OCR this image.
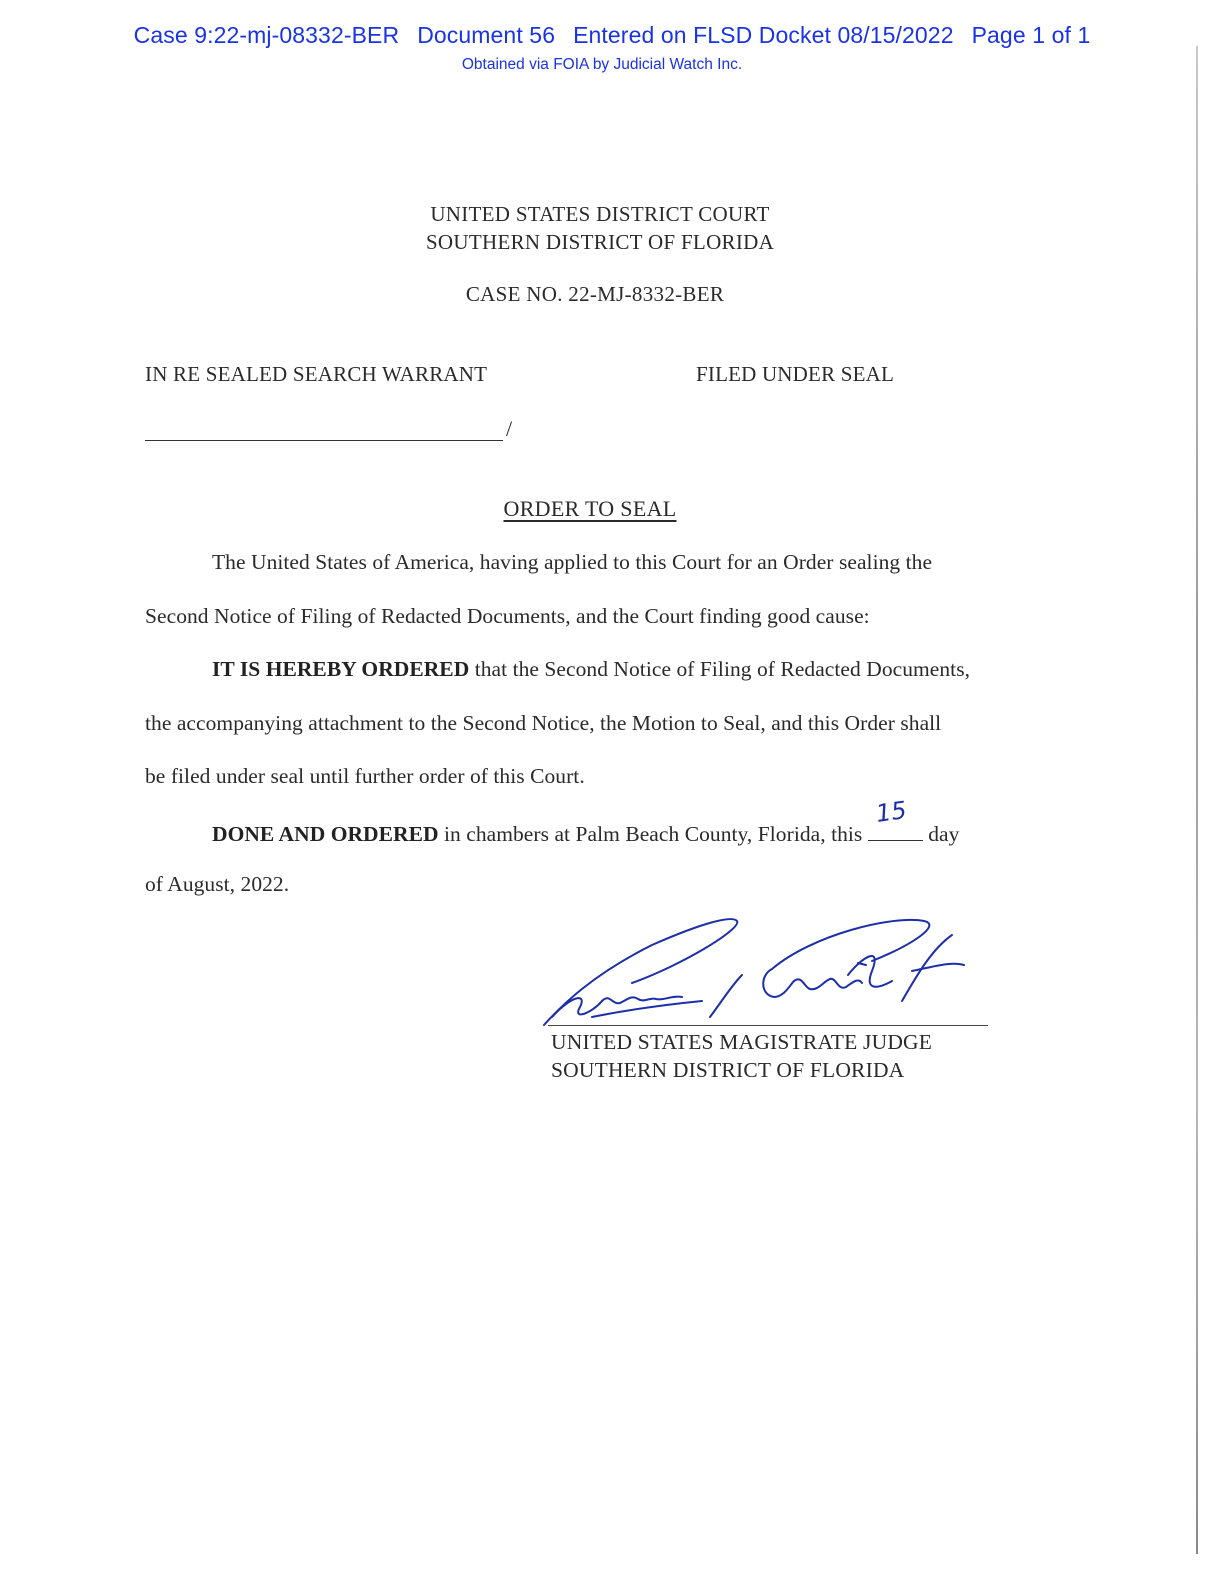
Case 9:22-mj-08332-BER Document 56 Entered on FLSD Docket 08/15/2022 Page 1 of 1
Obtained via FOIA by Judicial Watch Inc.
UNITED STATES DISTRICT COURT
SOUTHERN DISTRICT OF FLORIDA
CASE NO. 22-MJ-8332-BER
IN RE SEALED SEARCH WARRANT	FILED UNDER SEAL
/
ORDER TO SEAL
The United States of America, having applied to this Court for an Order sealing the
Second Notice of Filing of Redacted Documents, and the Court finding good cause:
IT IS HEREBY ORDERED that the Second Notice of Filing of Redacted Documents,
the accompanying attachment to the Second Notice, the Motion to Seal, and this Order shall
be filed under seal until further order of this Court.
DONE AND ORDERED in chambers at Palm Beach County, Florida, this
15
day
of August, 2022.
UNITED STATES MAGISTRATE JUDGE
SOUTHERN DISTRICT OF FLORIDA
